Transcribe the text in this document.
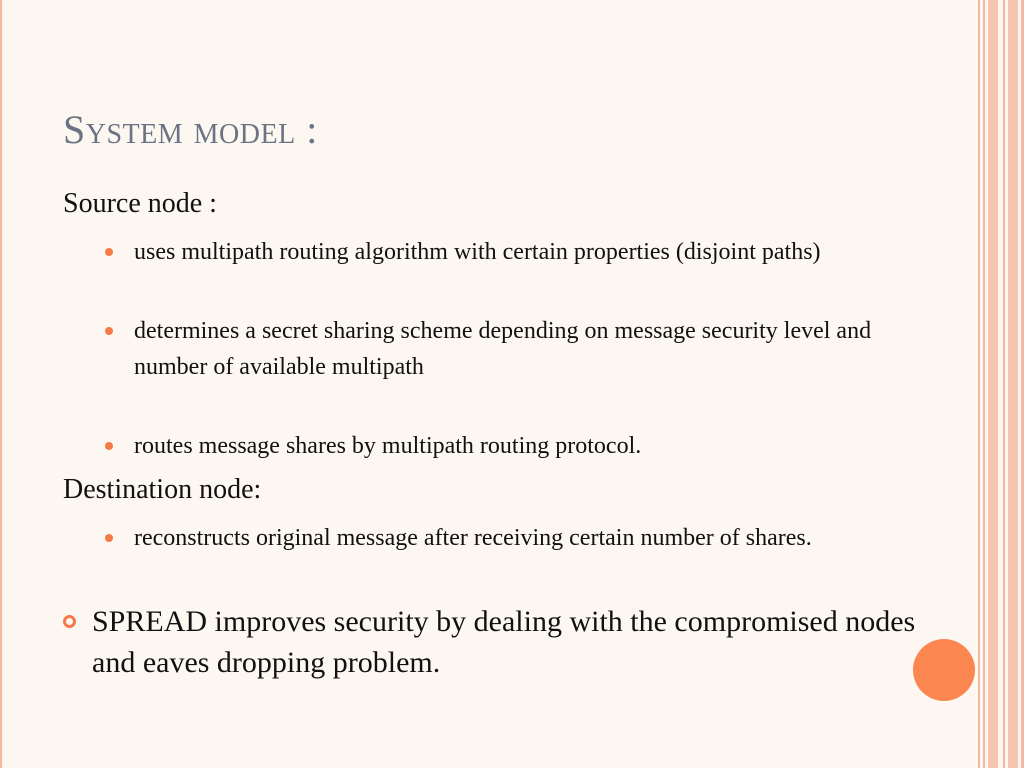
System model :
Source node :
uses multipath routing algorithm with certain properties (disjoint paths)
determines a secret sharing scheme depending on message security level and number of available multipath
routes message shares by multipath routing protocol.
Destination node:
reconstructs original message after receiving certain number of shares.
SPREAD improves security by dealing with the compromised nodes and eaves dropping problem.
